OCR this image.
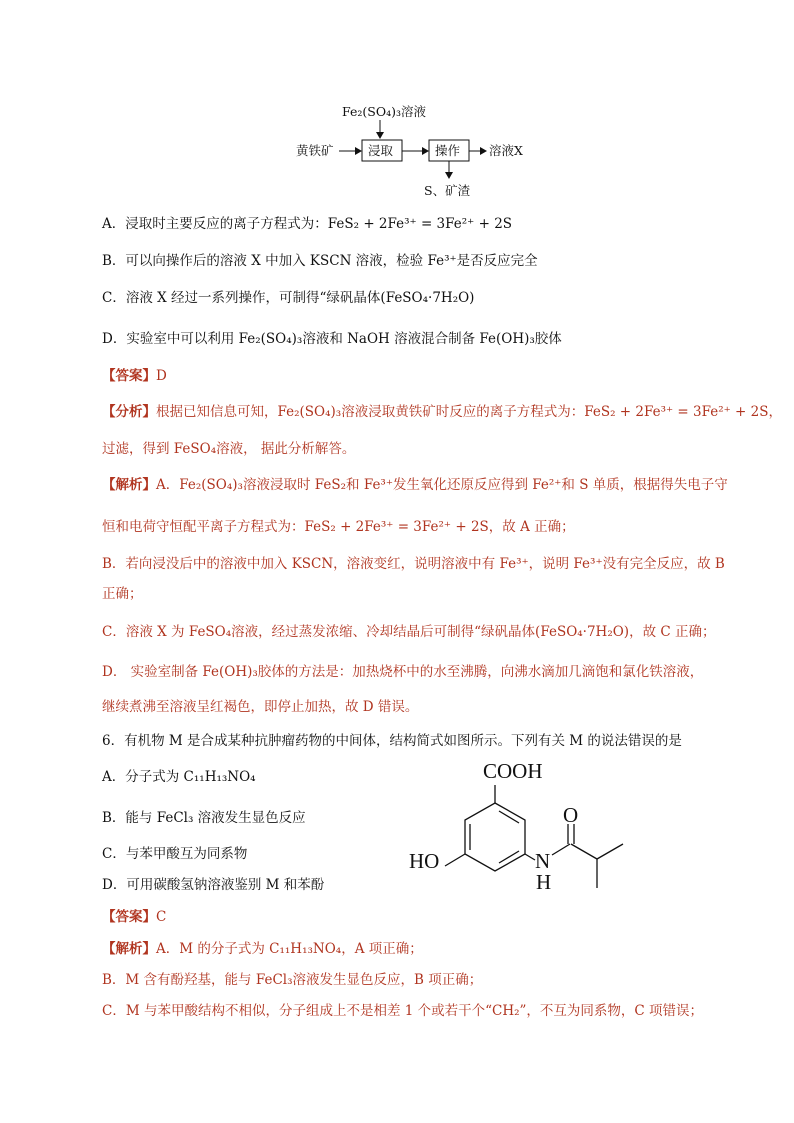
Fe₂(SO₄)₃溶液
黄铁矿	浸取	操作 溶液X
S、矿渣
A．浸取时主要反应的离子方程式为：FeS₂ + 2Fe³⁺ = 3Fe²⁺ + 2S
B．可以向操作后的溶液 X 中加入 KSCN 溶液，检验 Fe³⁺是否反应完全
C．溶液 X 经过一系列操作，可制得“绿矾晶体(FeSO₄·7H₂O)
D．实验室中可以利用 Fe₂(SO₄)₃溶液和 NaOH 溶液混合制备 Fe(OH)₃胶体
【答案】D
【分析】根据已知信息可知，Fe₂(SO₄)₃溶液浸取黄铁矿时反应的离子方程式为：FeS₂ + 2Fe³⁺ = 3Fe²⁺ + 2S，
过滤，得到 FeSO₄溶液， 据此分析解答。
【解析】A．Fe₂(SO₄)₃溶液浸取时 FeS₂和 Fe³⁺发生氧化还原反应得到 Fe²⁺和 S 单质，根据得失电子守
恒和电荷守恒配平离子方程式为：FeS₂ + 2Fe³⁺ = 3Fe²⁺ + 2S，故 A 正确；
B．若向浸没后中的溶液中加入 KSCN，溶液变红，说明溶液中有 Fe³⁺，说明 Fe³⁺没有完全反应，故 B
正确；
C．溶液 X 为 FeSO₄溶液，经过蒸发浓缩、冷却结晶后可制得“绿矾晶体(FeSO₄·7H₂O)，故 C 正确；
D． 实验室制备 Fe(OH)₃胶体的方法是：加热烧杯中的水至沸腾，向沸水滴加几滴饱和氯化铁溶液，
继续煮沸至溶液呈红褐色，即停止加热，故 D 错误。
6．有机物 M 是合成某种抗肿瘤药物的中间体，结构简式如图所示。下列有关 M 的说法错误的是
A．分子式为 C₁₁H₁₃NO₄
B．能与 FeCl₃ 溶液发生显色反应
C．与苯甲酸互为同系物
D．可用碳酸氢钠溶液鉴别 M 和苯酚
COOH
HO	N
H
O
【答案】C
【解析】A．M 的分子式为 C₁₁H₁₃NO₄，A 项正确；
B．M 含有酚羟基，能与 FeCl₃溶液发生显色反应，B 项正确；
C．M 与苯甲酸结构不相似，分子组成上不是相差 1 个或若干个“CH₂”，不互为同系物，C 项错误；
